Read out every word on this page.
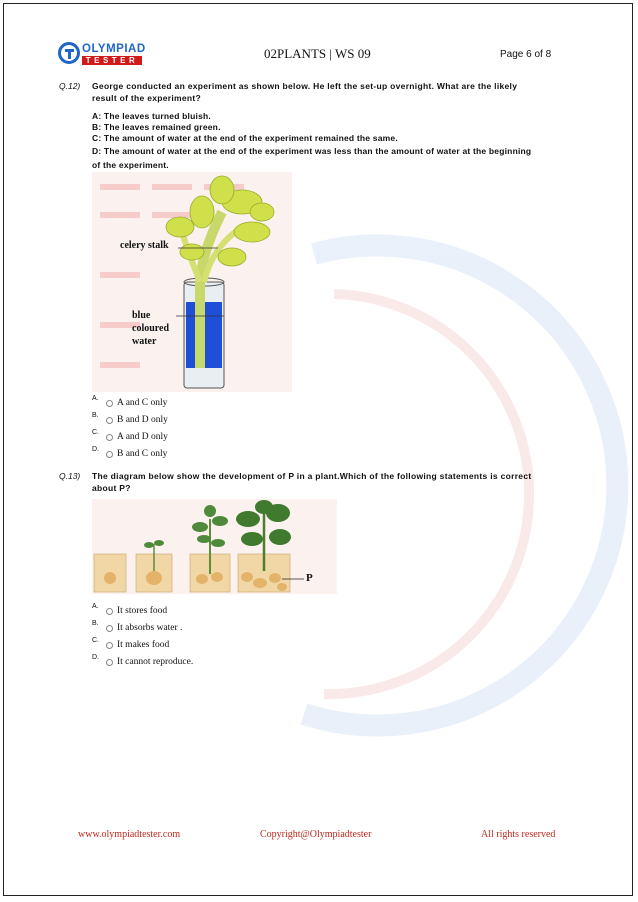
OLYMPIAD
TESTER	02PLANTS | WS 09	Page 6 of 8
Q.12) George conducted an experiment as shown below. He left the set-up overnight. What are the likely result of the experiment?
A: The leaves turned bluish.
B: The leaves remained green.
C: The amount of water at the end of the experiment remained the same.
D: The amount of water at the end of the experiment was less than the amount of water at the beginning of the experiment.
celery stalk
blue
coloured
water
A. A and C only
B. B and D only
C. A and D only
D. B and C only
Q.13) The diagram below show the development of P in a plant.Which of the following statements is correct about P?
P
A. It stores food
B. It absorbs water .
C. It makes food
D. It cannot reproduce.
www.olympiadtester.com	Copyright@Olympiadtester	All rights reserved
